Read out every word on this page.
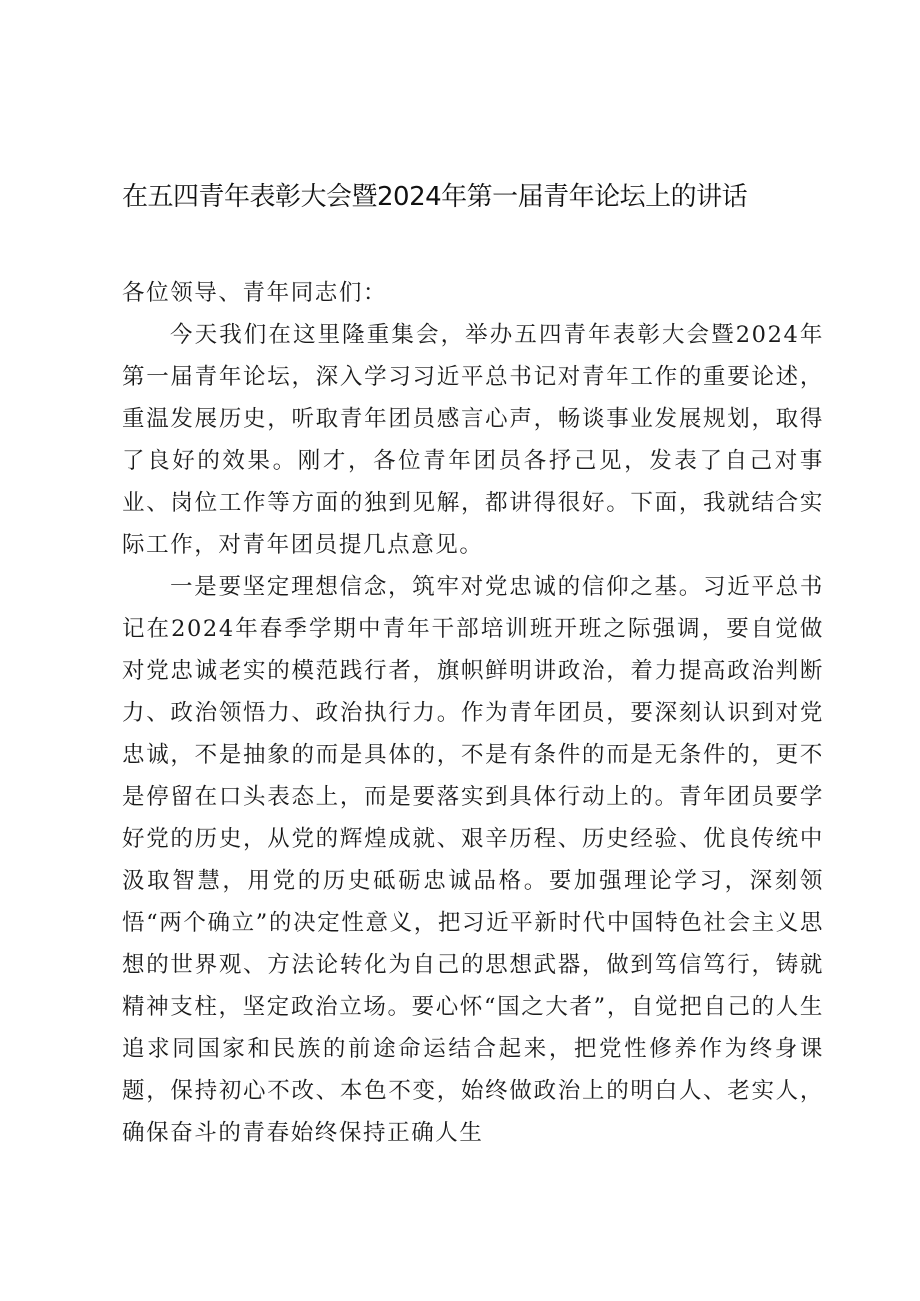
在五四青年表彰大会暨2024年第一届青年论坛上的讲话

各位领导、青年同志们：

今天我们在这里隆重集会，举办五四青年表彰大会暨2024年第一届青年论坛，深入学习习近平总书记对青年工作的重要论述，重温发展历史，听取青年团员感言心声，畅谈事业发展规划，取得了良好的效果。刚才，各位青年团员各抒己见，发表了自己对事业、岗位工作等方面的独到见解，都讲得很好。下面，我就结合实际工作，对青年团员提几点意见。

一是要坚定理想信念，筑牢对党忠诚的信仰之基。习近平总书记在2024年春季学期中青年干部培训班开班之际强调，要自觉做对党忠诚老实的模范践行者，旗帜鲜明讲政治，着力提高政治判断力、政治领悟力、政治执行力。作为青年团员，要深刻认识到对党忠诚，不是抽象的而是具体的，不是有条件的而是无条件的，更不是停留在口头表态上，而是要落实到具体行动上的。青年团员要学好党的历史，从党的辉煌成就、艰辛历程、历史经验、优良传统中汲取智慧，用党的历史砥砺忠诚品格。要加强理论学习，深刻领悟“两个确立”的决定性意义，把习近平新时代中国特色社会主义思想的世界观、方法论转化为自己的思想武器，做到笃信笃行，铸就精神支柱，坚定政治立场。要心怀“国之大者”，自觉把自己的人生追求同国家和民族的前途命运结合起来，把党性修养作为终身课题，保持初心不改、本色不变，始终做政治上的明白人、老实人，确保奋斗的青春始终保持正确人生
